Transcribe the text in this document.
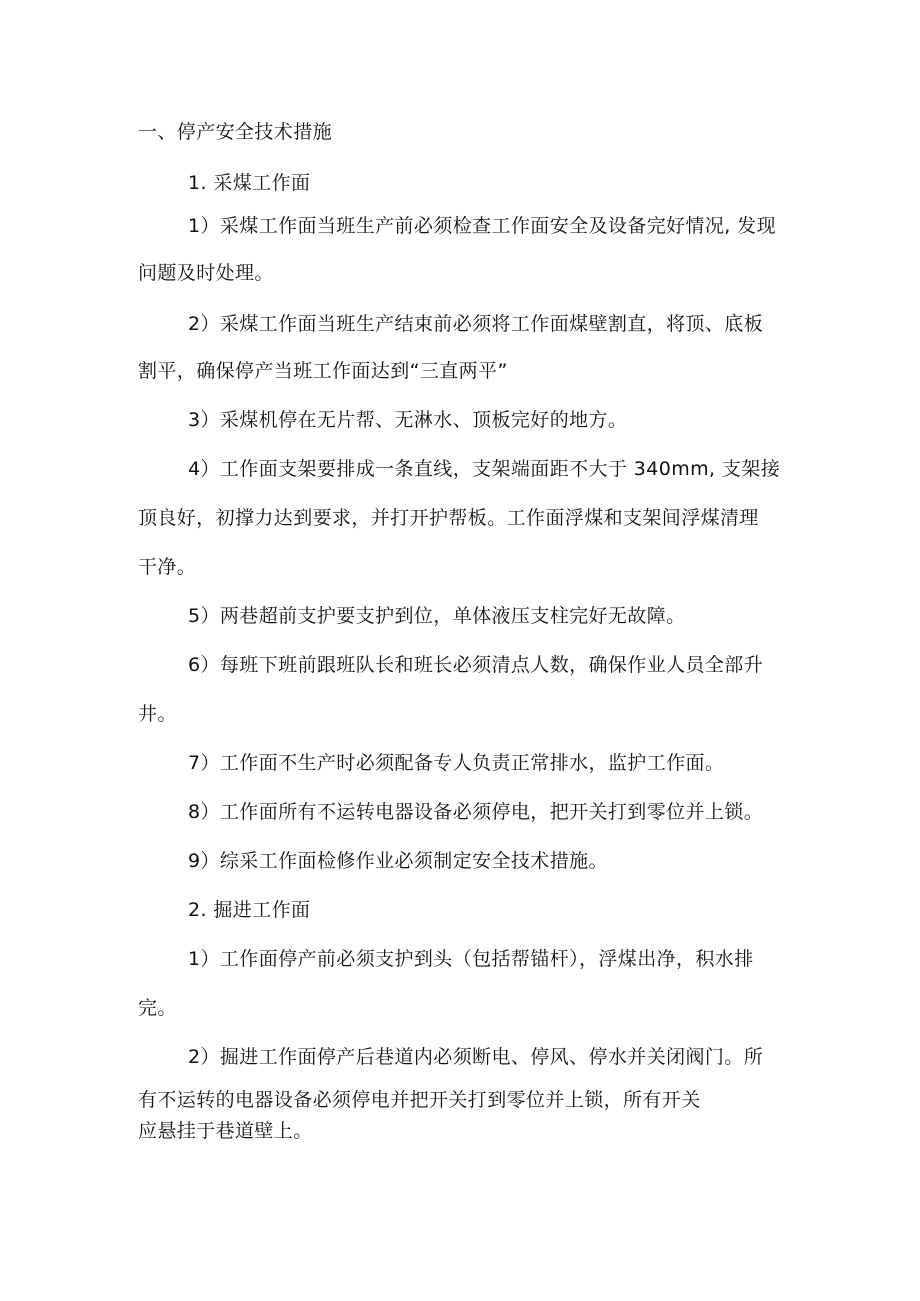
一、停产安全技术措施
1. 采煤工作面
1）采煤工作面当班生产前必须检查工作面安全及设备完好情况, 发现
问题及时处理。
2）采煤工作面当班生产结束前必须将工作面煤壁割直，将顶、底板
割平，确保停产当班工作面达到“三直两平”
3）采煤机停在无片帮、无淋水、顶板完好的地方。
4）工作面支架要排成一条直线，支架端面距不大于 340mm, 支架接
顶良好，初撑力达到要求，并打开护帮板。工作面浮煤和支架间浮煤清理
干净。
5）两巷超前支护要支护到位，单体液压支柱完好无故障。
6）每班下班前跟班队长和班长必须清点人数，确保作业人员全部升
井。
7）工作面不生产时必须配备专人负责正常排水，监护工作面。
8）工作面所有不运转电器设备必须停电，把开关打到零位并上锁。
9）综采工作面检修作业必须制定安全技术措施。
2. 掘进工作面
1）工作面停产前必须支护到头（包括帮锚杆），浮煤出净，积水排
完。
2）掘进工作面停产后巷道内必须断电、停风、停水并关闭阀门。所
有不运转的电器设备必须停电并把开关打到零位并上锁，所有开关
应悬挂于巷道壁上。
